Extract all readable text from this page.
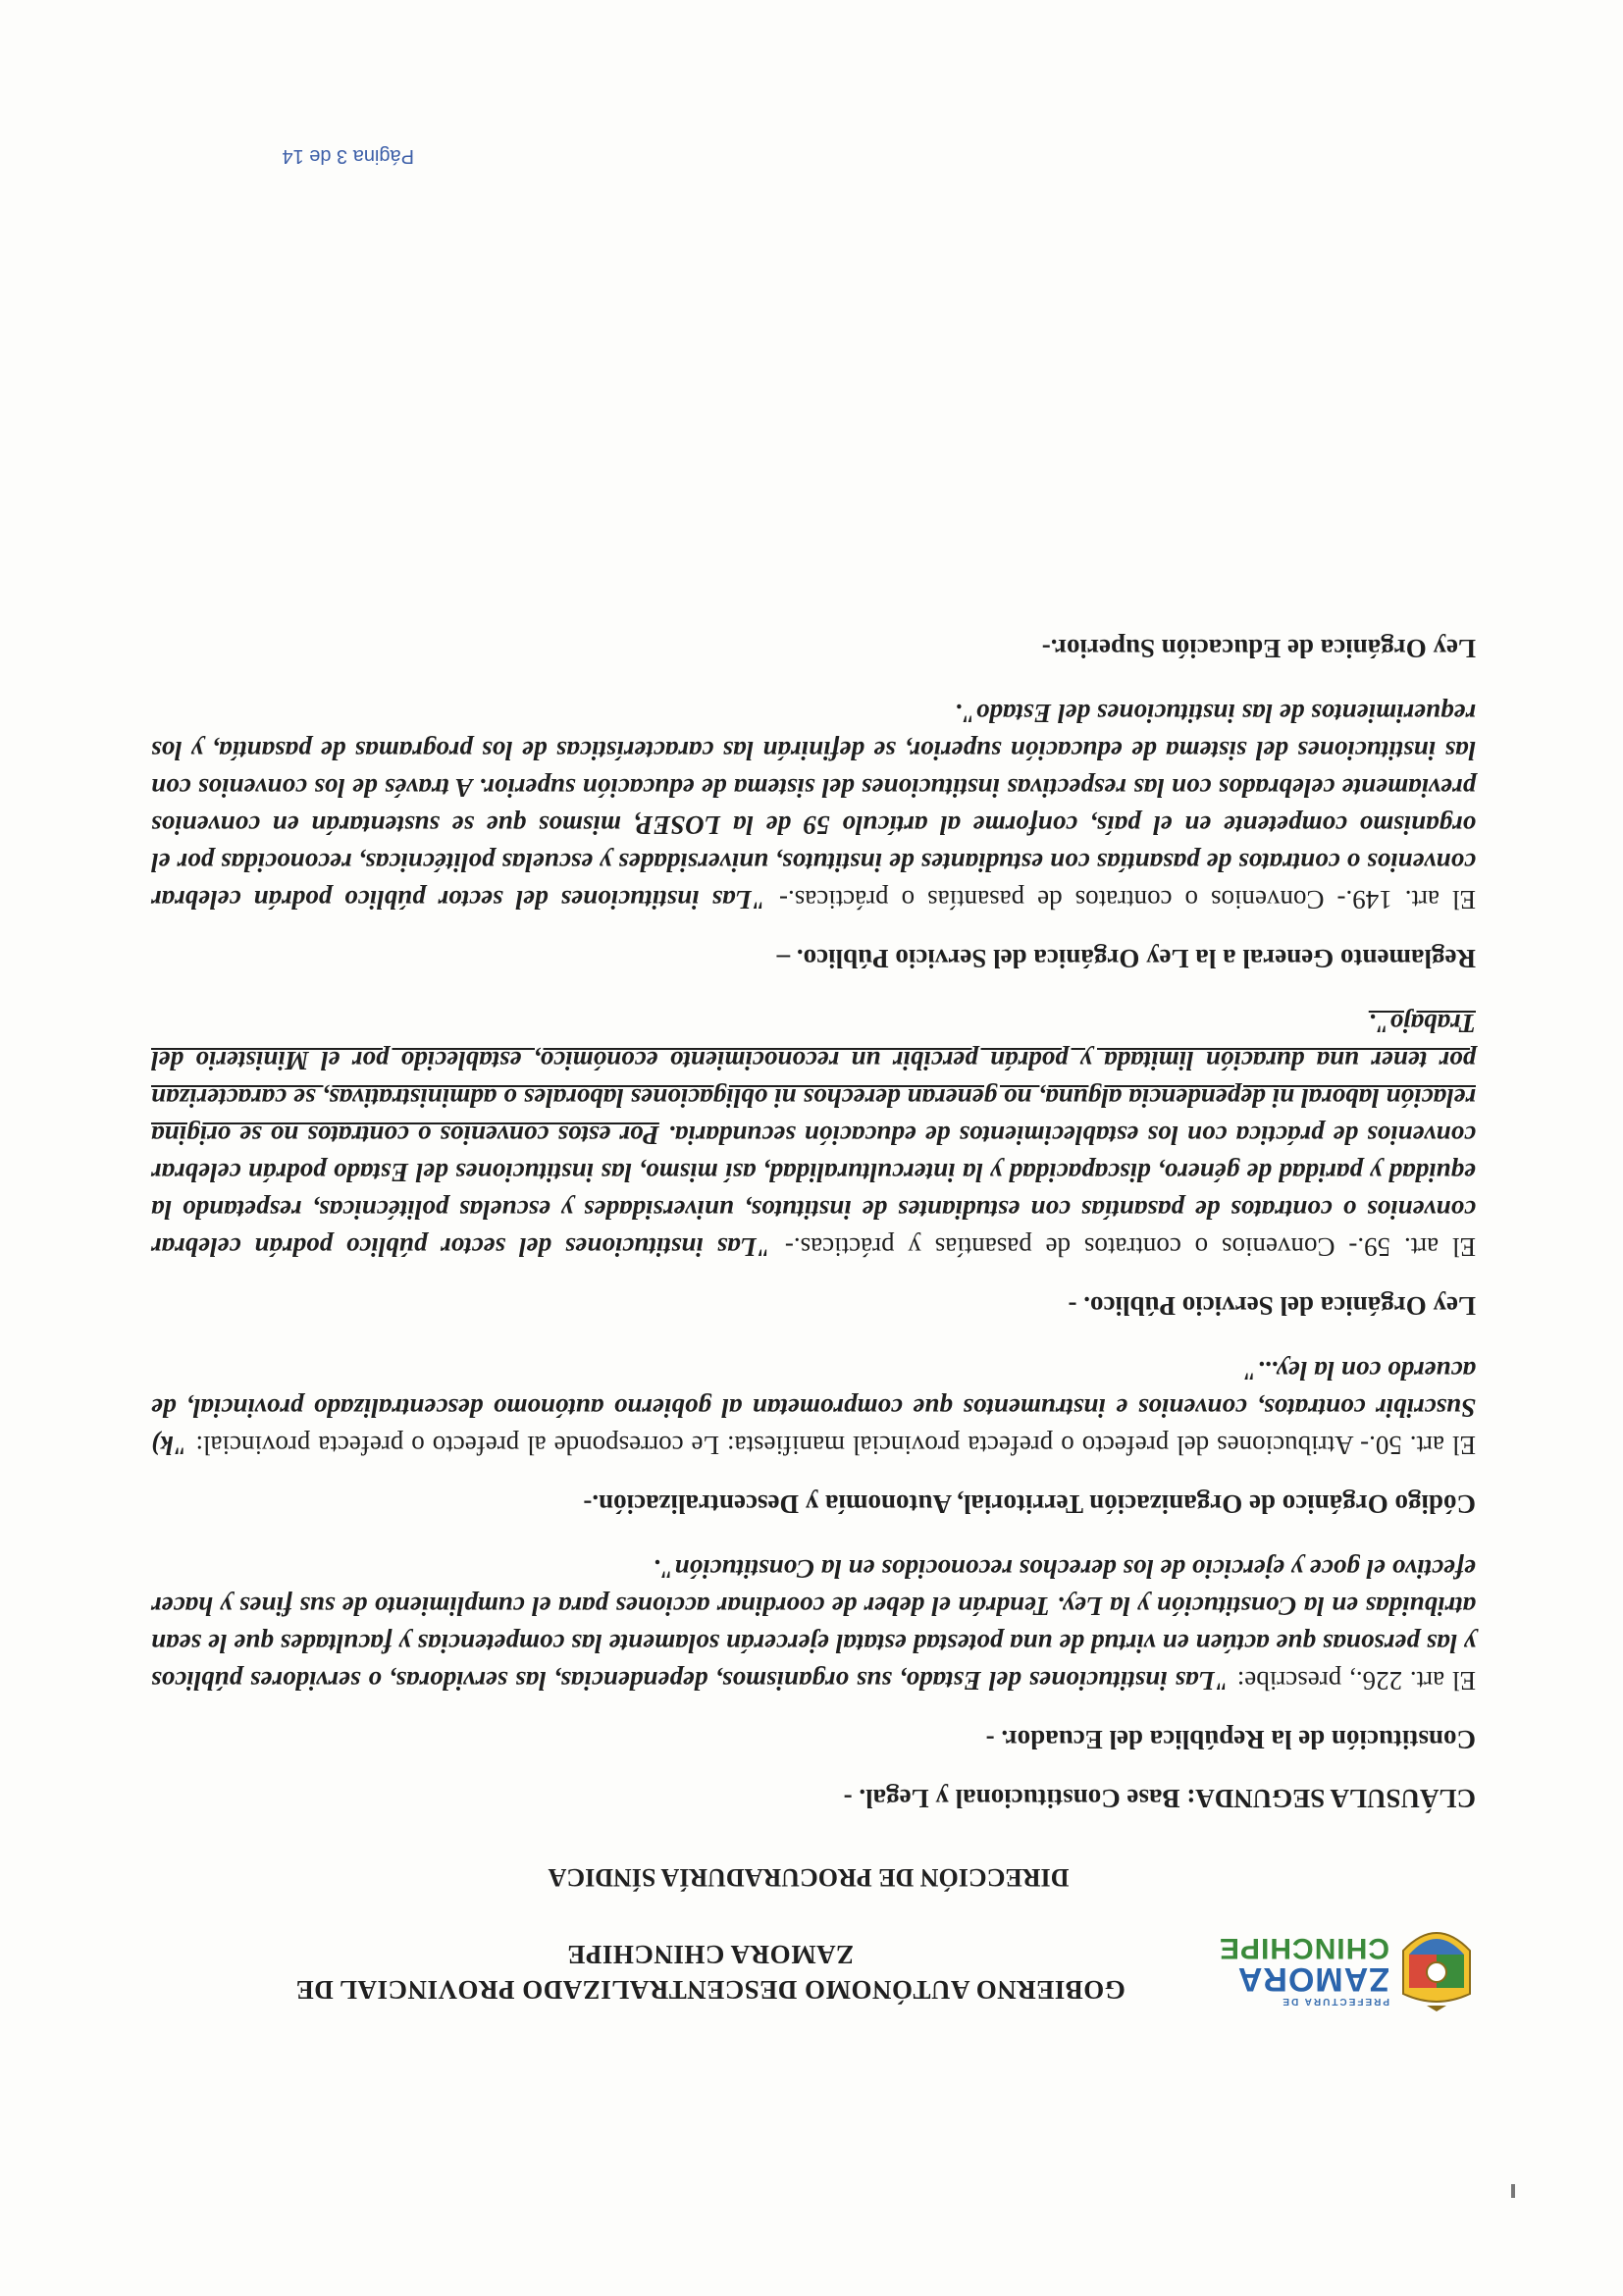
PREFECTURA DE
ZAMORA
CHINCHIPE
GOBIERNO AUTÓNOMO DESCENTRALIZADO PROVINCIAL DE
ZAMORA CHINCHIPE
DIRECCIÓN DE PROCURADURÍA SÍNDICA

CLÁUSULA SEGUNDA: Base Constitucional y Legal. -

Constitución de la República del Ecuador. -

El art. 226., prescribe: "Las instituciones del Estado, sus organismos, dependencias, las servidoras, o servidores públicos y las personas que actúen en virtud de una potestad estatal ejercerán solamente las competencias y facultades que le sean atribuidas en la Constitución y la Ley. Tendrán el deber de coordinar acciones para el cumplimiento de sus fines y hacer efectivo el goce y ejercicio de los derechos reconocidos en la Constitución".

Código Orgánico de Organización Territorial, Autonomía y Descentralización.-

El art. 50.- Atribuciones del prefecto o prefecta provincial manifiesta: Le corresponde al prefecto o prefecta provincial: "k) Suscribir contratos, convenios e instrumentos que comprometan al gobierno autónomo descentralizado provincial, de acuerdo con la ley..."

Ley Orgánica del Servicio Público. -

El art. 59.- Convenios o contratos de pasantías y prácticas.- "Las instituciones del sector público podrán celebrar convenios o contratos de pasantías con estudiantes de institutos, universidades y escuelas politécnicas, respetando la equidad y paridad de género, discapacidad y la interculturalidad, así mismo, las instituciones del Estado podrán celebrar convenios de práctica con los establecimientos de educación secundaria. Por estos convenios o contratos no se origina relación laboral ni dependencia alguna, no generan derechos ni obligaciones laborales o administrativas, se caracterizan por tener una duración limitada y podrán percibir un reconocimiento económico, establecido por el Ministerio del Trabajo".

Reglamento General a la Ley Orgánica del Servicio Público. –

El art. 149.- Convenios o contratos de pasantías o prácticas.- "Las instituciones del sector público podrán celebrar convenios o contratos de pasantías con estudiantes de institutos, universidades y escuelas politécnicas, reconocidas por el organismo competente en el país, conforme al artículo 59 de la LOSEP, mismos que se sustentarán en convenios previamente celebrados con las respectivas instituciones del sistema de educación superior. A través de los convenios con las instituciones del sistema de educación superior, se definirán las características de los programas de pasantía, y los requerimientos de las instituciones del Estado".

Ley Orgánica de Educación Superior.-

Página 3 de 14
